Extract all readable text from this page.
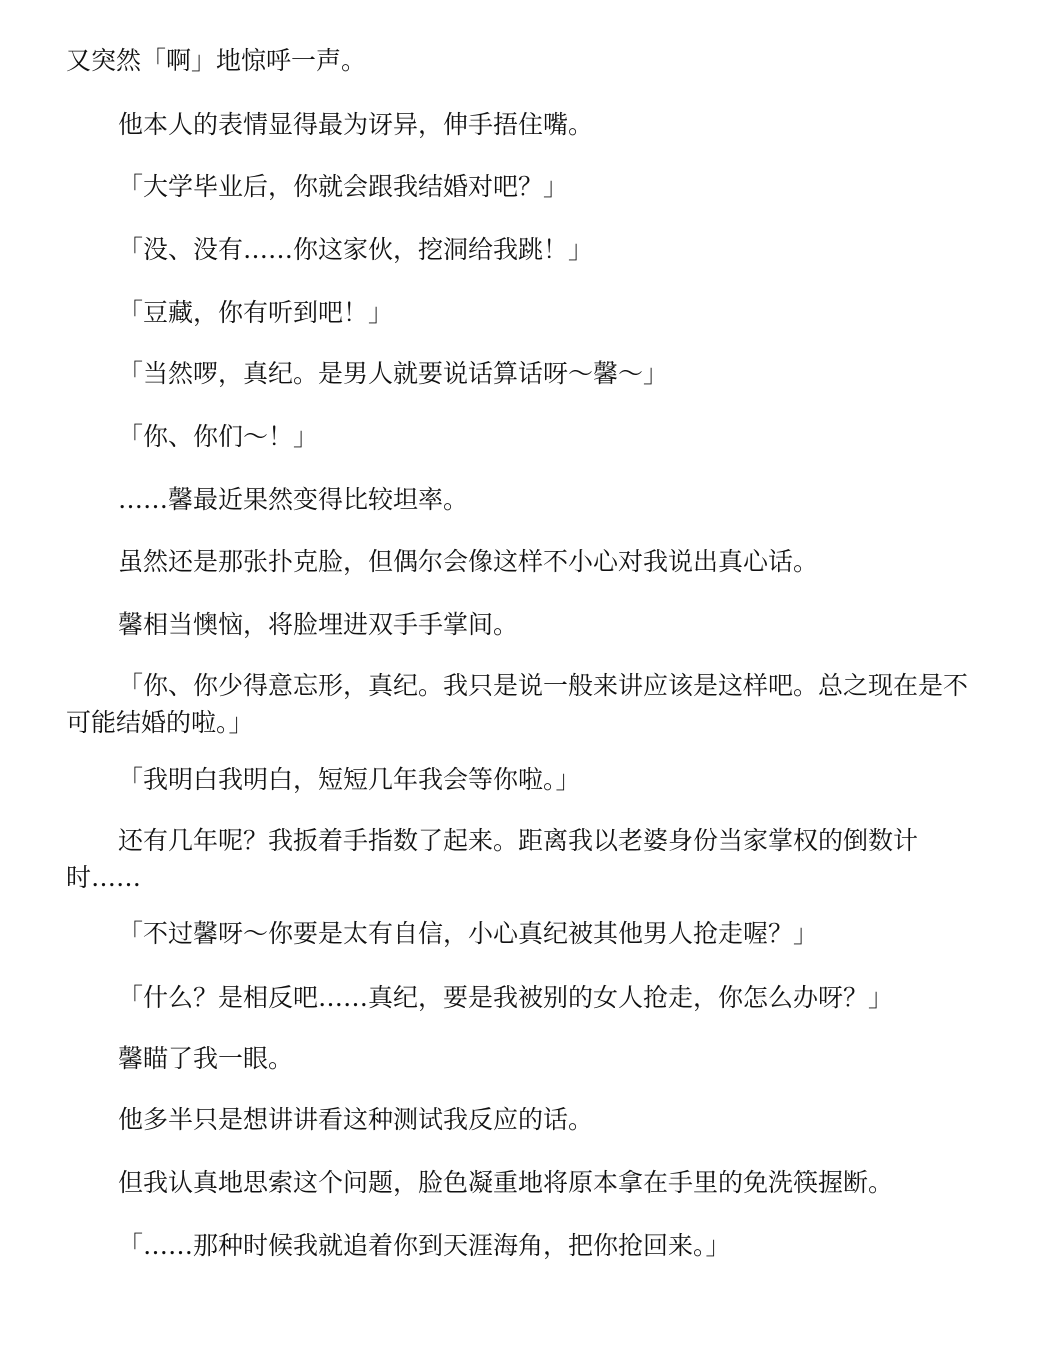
又突然「啊」地惊呼一声。

他本人的表情显得最为讶异，伸手捂住嘴。

「大学毕业后，你就会跟我结婚对吧？」

「没、没有……你这家伙，挖洞给我跳！」

「豆藏，你有听到吧！」

「当然啰，真纪。是男人就要说话算话呀～馨～」

「你、你们～！」

……馨最近果然变得比较坦率。

虽然还是那张扑克脸，但偶尔会像这样不小心对我说出真心话。

馨相当懊恼，将脸埋进双手手掌间。

「你、你少得意忘形，真纪。我只是说一般来讲应该是这样吧。总之现在是不可能结婚的啦。」

「我明白我明白，短短几年我会等你啦。」

还有几年呢？我扳着手指数了起来。距离我以老婆身份当家掌权的倒数计时……

「不过馨呀～你要是太有自信，小心真纪被其他男人抢走喔？」

「什么？是相反吧……真纪，要是我被别的女人抢走，你怎么办呀？」

馨瞄了我一眼。

他多半只是想讲讲看这种测试我反应的话。

但我认真地思索这个问题，脸色凝重地将原本拿在手里的免洗筷握断。

「……那种时候我就追着你到天涯海角，把你抢回来。」
